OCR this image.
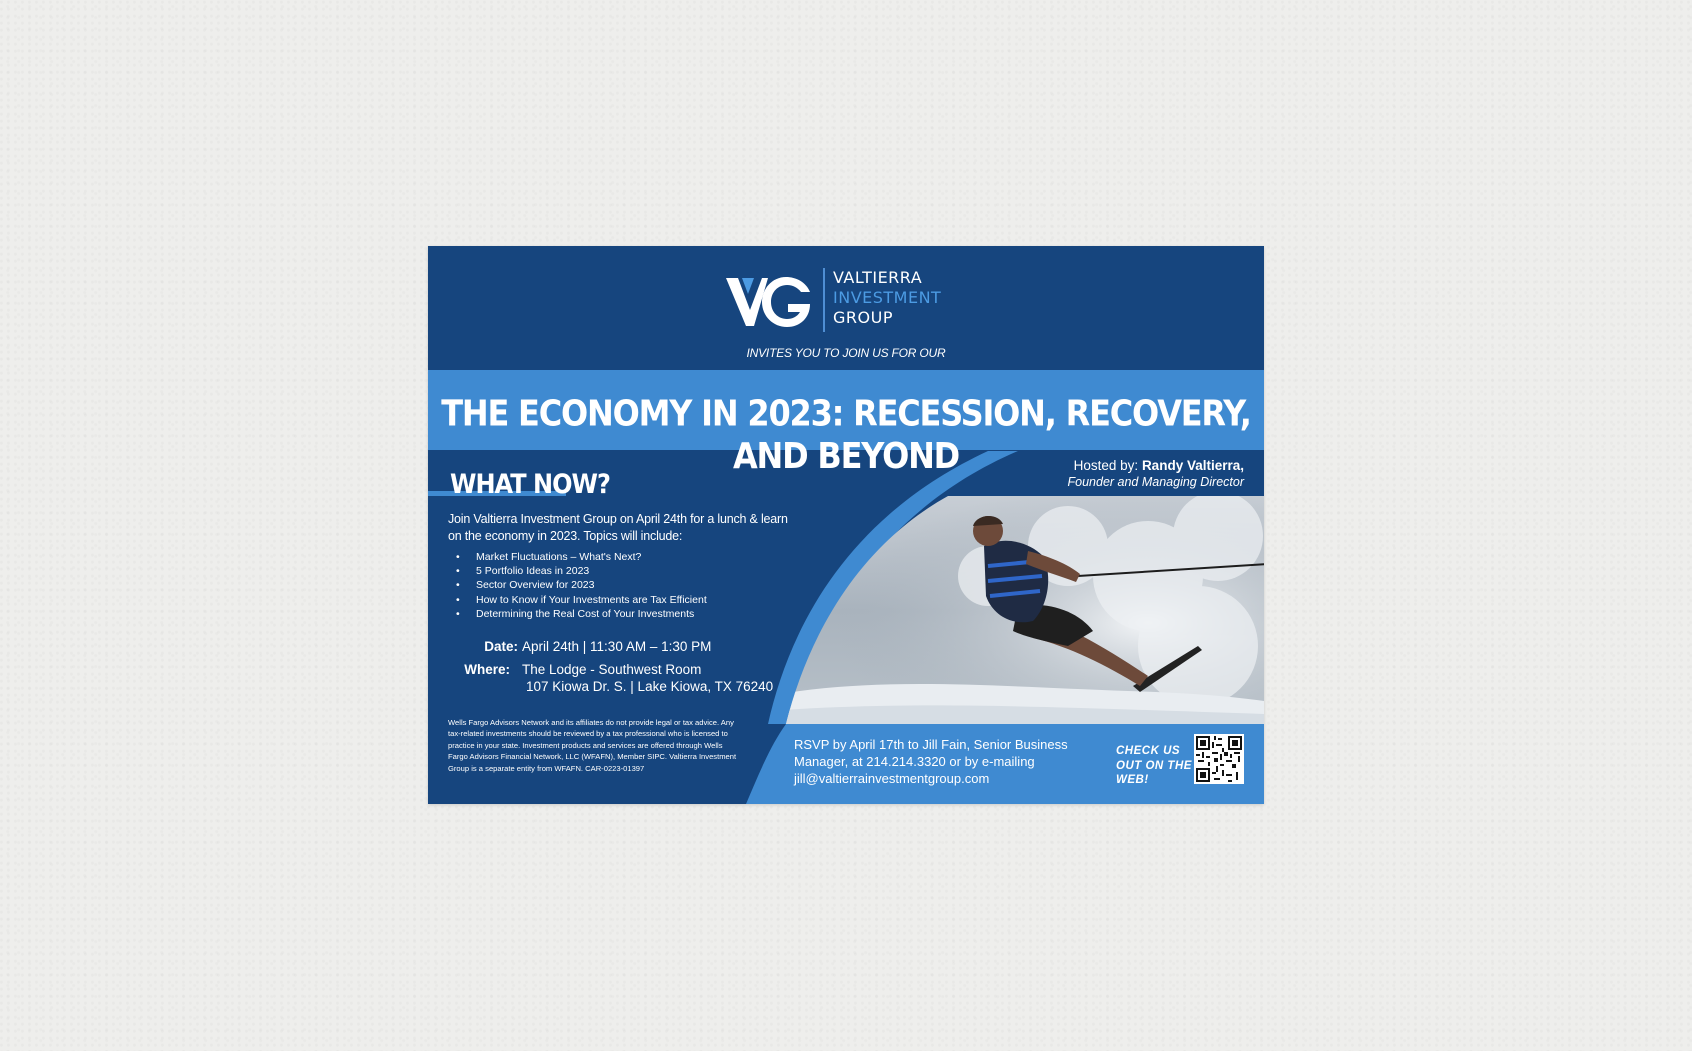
VALTIERRA
INVESTMENT
GROUP
INVITES YOU TO JOIN US FOR OUR
THE ECONOMY IN 2023: RECESSION, RECOVERY, AND BEYOND	Hosted by: Randy Valtierra,
Founder and Managing Director
WHAT NOW?
Join Valtierra Investment Group on April 24th for a lunch & learn on the economy in 2023. Topics will include:
• Market Fluctuations – What's Next?
• 5 Portfolio Ideas in 2023
• Sector Overview for 2023
• How to Know if Your Investments are Tax Efficient
• Determining the Real Cost of Your Investments
Date: April 24th | 11:30 AM – 1:30 PM
Where: The Lodge - Southwest Room
107 Kiowa Dr. S. | Lake Kiowa, TX 76240
Wells Fargo Advisors Network and its affiliates do not provide legal or tax advice. Any tax-related investments should be reviewed by a tax professional who is licensed to practice in your state. Investment products and services are offered through Wells Fargo Advisors Financial Network, LLC (WFAFN), Member SIPC. Valtierra Investment Group is a separate entity from WFAFN. CAR-0223-01397
RSVP by April 17th to Jill Fain, Senior Business Manager, at 214.214.3320 or by e-mailing jill@valtierrainvestmentgroup.com
CHECK US OUT ON THE WEB!
